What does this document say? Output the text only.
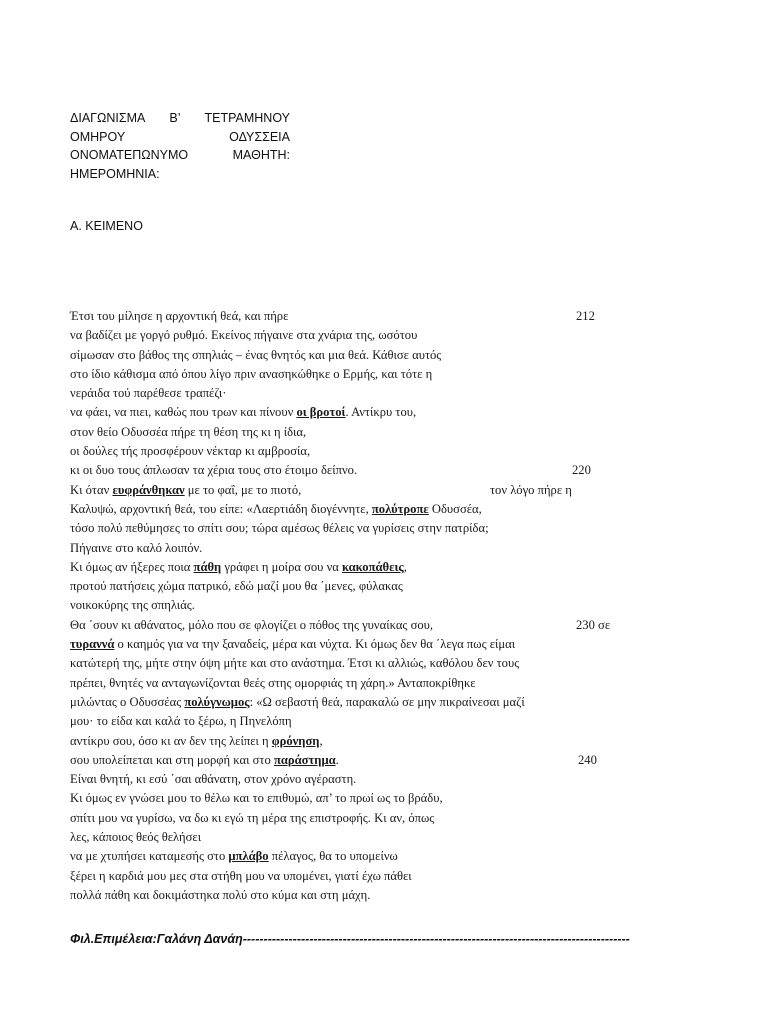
ΔΙΑΓΩΝΙΣΜΑ Β’ ΤΕΤΡΑΜΗΝΟΥ
ΟΜΗΡΟΥ	ΟΔΥΣΣΕΙΑ
ΟΝΟΜΑΤΕΠΩΝΥΜΟ	ΜΑΘΗΤΗ:
ΗΜΕΡΟΜΗΝΙΑ:
Α. ΚΕΙΜΕΝΟ
Έτσι του μίλησε η αρχοντική θεά, και πήρε	212
να βαδίζει με γοργό ρυθμό. Εκείνος πήγαινε στα χνάρια της, ωσότου
σίμωσαν στο βάθος της σπηλιάς – ένας θνητός και μια θεά. Κάθισε αυτός
στο ίδιο κάθισμα από όπου λίγο πριν ανασηκώθηκε ο Ερμής, και τότε η
νεράιδα τού παρέθεσε τραπέζι·
να φάει, να πιει, καθώς που τρων και πίνουν οι βροτοί. Αντίκρυ του,
στον θείο Οδυσσέα πήρε τη θέση της κι η ίδια,
οι δούλες τής προσφέρουν νέκταρ κι αμβροσία,
κι οι δυο τους άπλωσαν τα χέρια τους στο έτοιμο δείπνο.	220
Κι όταν ευφράνθηκαν με το φαΐ, με το πιοτό,	τον λόγο πήρε η
Καλυψώ, αρχοντική θεά, του είπε: «Λαερτιάδη διογέννητε, πολύτροπε Οδυσσέα,
τόσο πολύ πεθύμησες το σπίτι σου; τώρα αμέσως θέλεις να γυρίσεις στην πατρίδα;
Πήγαινε στο καλό λοιπόν.
Κι όμως αν ήξερες ποια πάθη γράφει η μοίρα σου να κακοπάθεις,
προτού πατήσεις χώμα πατρικό, εδώ μαζί μου θα ΄μενες, φύλακας
νοικοκύρης της σπηλιάς.
Θα ΄σουν κι αθάνατος, μόλο που σε φλογίζει ο πόθος της γυναίκας σου,	230 σε
τυραννά ο καημός για να την ξαναδείς, μέρα και νύχτα. Κι όμως δεν θα ΄λεγα πως είμαι
κατώτερή της, μήτε στην όψη μήτε και στο ανάστημα. Έτσι κι αλλιώς, καθόλου δεν τους
πρέπει, θνητές να ανταγωνίζονται θεές στης ομορφιάς τη χάρη.» Ανταποκρίθηκε
μιλώντας ο Οδυσσέας πολύγνωμος: «Ω σεβαστή θεά, παρακαλώ σε μην πικραίνεσαι μαζί
μου· το είδα και καλά το ξέρω, η Πηνελόπη
αντίκρυ σου, όσο κι αν δεν της λείπει η φρόνηση,
σου υπολείπεται και στη μορφή και στο παράστημα.	240
Είναι θνητή, κι εσύ ΄σαι αθάνατη, στον χρόνο αγέραστη.
Κι όμως εν γνώσει μου το θέλω και το επιθυμώ, απ’ το πρωί ως το βράδυ,
σπίτι μου να γυρίσω, να δω κι εγώ τη μέρα της επιστροφής. Κι αν, όπως
λες, κάποιος θεός θελήσει
να με χτυπήσει καταμεσής στο μπλάβο πέλαγος, θα το υπομείνω
ξέρει η καρδιά μου μες στα στήθη μου να υπομένει, γιατί έχω πάθει
πολλά πάθη και δοκιμάστηκα πολύ στο κύμα και στη μάχη.
Φιλ.Επιμέλεια:Γαλάνη Δανάη---------------------------------------------------------------------------------------------
